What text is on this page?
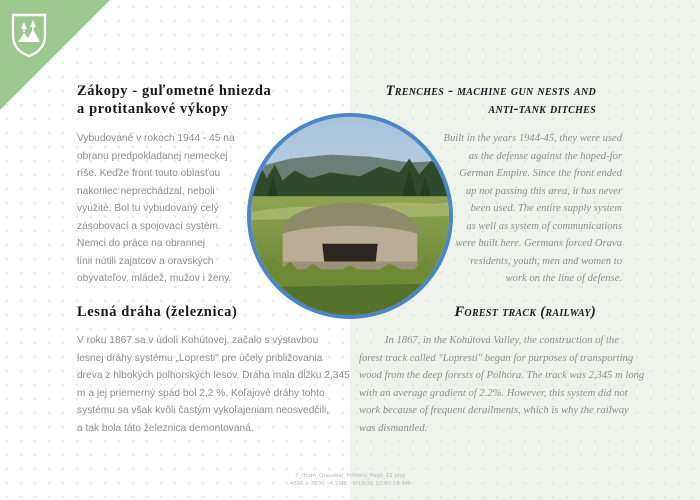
Zákopy - guľometné hniezda
a protitankové výkopy
Trenches - machine gun nests and
anti-tank ditches
Vybudované v rokoch 1944 - 45 na
obranu predpokladanej nemeckej
ríše. Keďže front touto oblasťou
nakoniec neprechádzal, neboli
využité. Bol tu vybudovaný celý
zásobovací a spojovací systém.
Nemci do práce na obrannej
línii nútili zajatcov a oravských
obyvateľov, mládež, mužov i ženy.
Built in the years 1944-45, they were used
as the defense against the hoped-for
German Empire. Since the front ended
up not passing this area, it has never
been used. The entire supply system
as well as system of communications
were built here. Germans forced Orava
residents, youth, men and women to
work on the line of defense.
Lesná dráha (železnica)	Forest track (railway)
V roku 1867 sa v údolí Kohútovej, začalo s výstavbou
lesnej dráhy systému „Lopresti" pre účely približovania
dreva z hlbokých polhorských lesov. Dráha mala dĺžku 2,345
m a jej priemerný spád bol 2,2 %. Koľajové dráhy tohto
systému sa však kvôli častým vykoľajeniam neosvedčili,
a tak bola táto železnica demontovaná.
In 1867, in the Kohútová Valley, the construction of the
forest track called "Lopresti" began for purposes of transporting
wood from the deep forests of Polhora. The track was 2,345 m long
with an average gradient of 2.2%. However, this system did not
work because of frequent derailments, which is why the railway
was dismantled.
7_(from_Oravska)_Polhora_Page_11.png
4891 x 3500 · 4,5MB · 9/19/21 12:00:18 AM
